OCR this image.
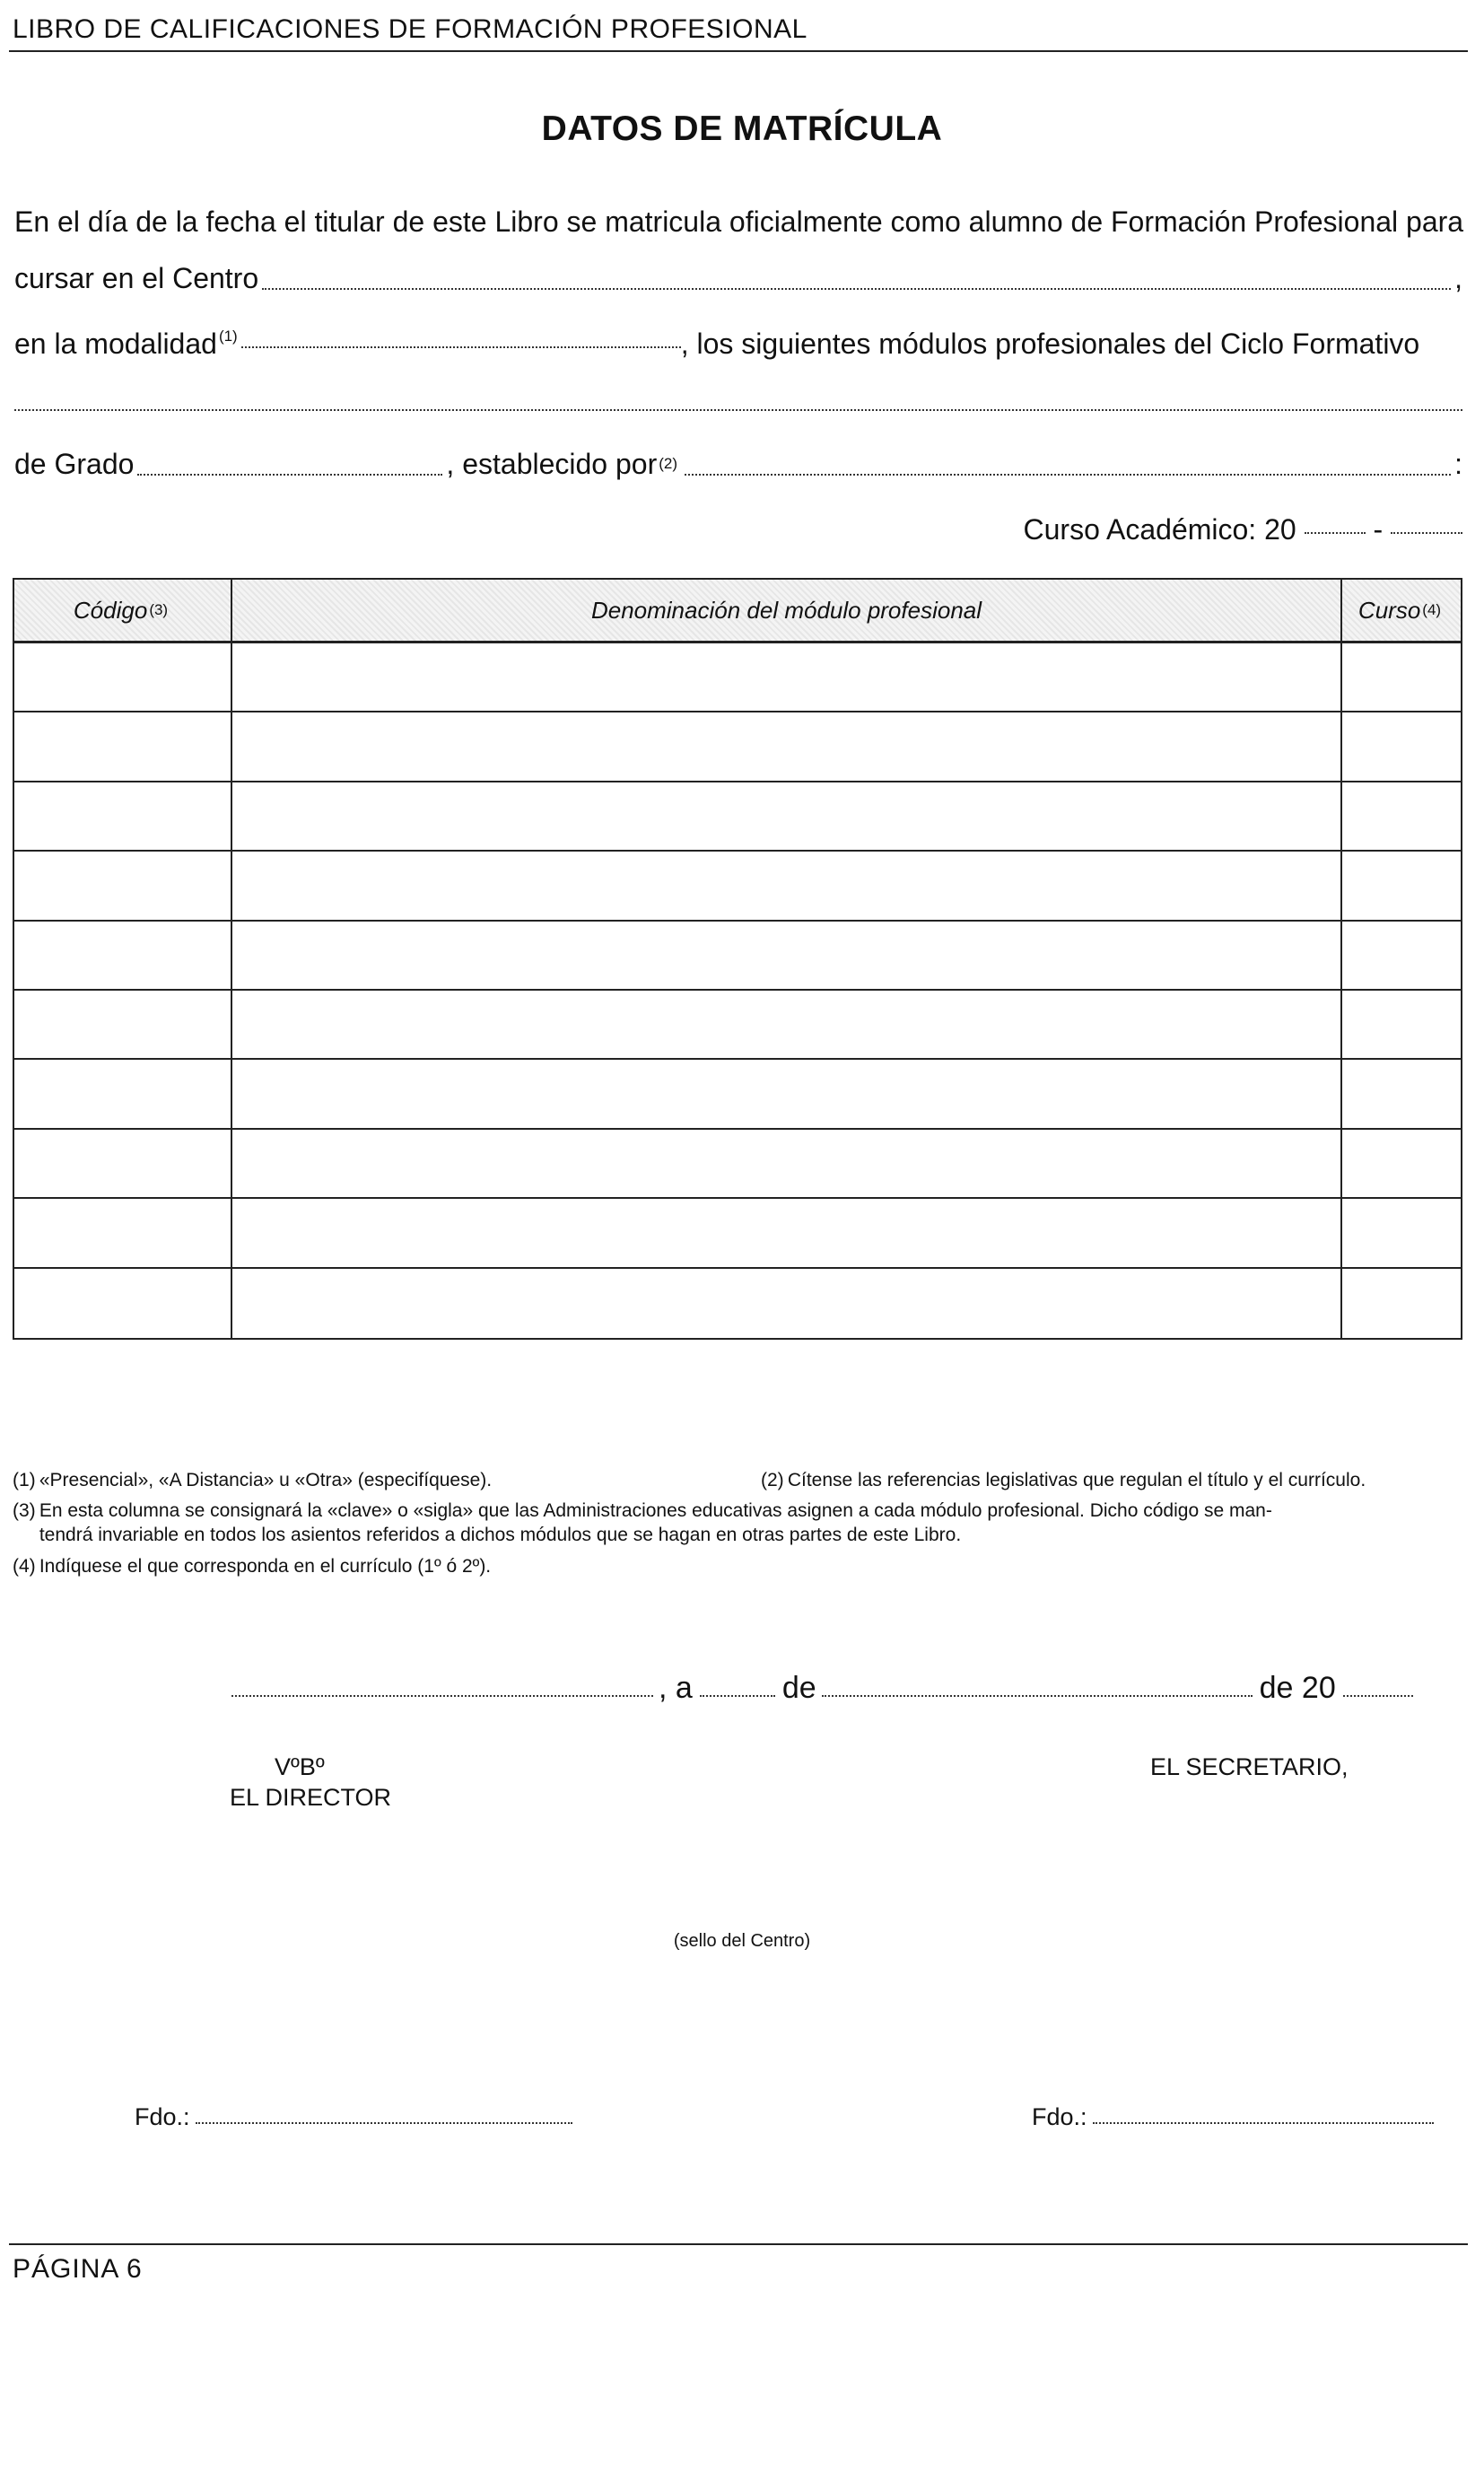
LIBRO DE CALIFICACIONES DE FORMACIÓN PROFESIONAL
DATOS DE MATRÍCULA
En el día de la fecha el titular de este Libro se matricula oficialmente como alumno de Formación Profesional para
cursar en el Centro	,
en la modalidad $^{(1)}$	, los siguientes módulos profesionales del Ciclo Formativo
de Grado	, establecido por (2)	:
Curso Académico: 20	-
Código (3)	Denominación del módulo profesional	Curso (4)
(1) «Presencial», «A Distancia» u «Otra» (especifíquese).	(2) Cítense las referencias legislativas que regulan el título y el currículo.
(3) En esta columna se consignará la «clave» o «sigla» que las Administraciones educativas asignen a cada módulo profesional. Dicho código se man-
tendrá invariable en todos los asientos referidos a dichos módulos que se hagan en otras partes de este Libro.
(4) Indíquese el que corresponda en el currículo (1º ó 2º).
, a	de	de 20
VºBº
EL DIRECTOR
EL SECRETARIO,
(sello del Centro)
Fdo.:	Fdo.:
PÁGINA 6
